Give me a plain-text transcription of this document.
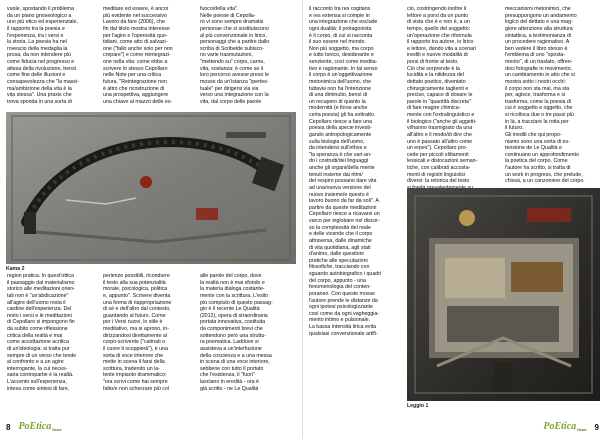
vuole, spostando il problema
da un piano gnoseologico a
uno più etico ed esperienziale,
il rapporto tra la poesia e
l'esperienza, tra i versi e
la storia. La poesia ha nel
rovescio della medaglia la
prosa, da non intendere più
come fiducia nel progresso e
attesa della rivoluzione, bensì
come fine delle illusioni e
consapevolezza che "la massi-
ma/ambizione della vita è la
vita stessa". Una praxis che
trova sponda in una sorta di
meditare ed essere, è ancor
più evidente nel successivo
Lavoro da fare (2006), che
fin dal titolo mostra interesse
per l'agire e l'operosità quo-
tidiani, come atto di salvazi-
one ("fallo anche solo per non
crepare") e come reintegrazi-
one nella vita: come ebbe a
scrivere lo stesso Cepollaro
nelle Note per una critica
futura, "Reintegrazione non
è altro che ricostruzione di
una prospettiva, aggiungere
una chiave al mazzo delle es-
fuoco/della vita".
Nelle poesie di Cepolla-
ro vi sono sempre dramatis
personae che si sostituiscono
al più convenzionale io lirico,
personaggi che a partire dallo
scriba di Scribeide subisco-
no varie trasmutazioni,
"mettendo su" corpo, carne,
vita, sostanza: è come se il
loro percorso avesse preso le
mosse da un'istanza "ipertes-
tuale" per dirigersi via via
verso una integrazione con la
vita, dal corpo delle parole
Kama 2
region pratica. In quest'ottica
il passaggio dal materialismo
storico alle meditazioni orien-
tali non è "un'abdicazione"
all'agire dell'uomo resta il
cardine dell'esperienza. Del
resto i versi e le meditazioni
di Cepollaro si impongono fin
da subito come riflessione
critica della realtà e mai
come accettazione acritica
di un'ideologia: si tratta pur
sempre di un verso che tende
al confronto e a un agire
interrogante, la cui neces-
saria contropartie è la realtà.
L'accento sull'esperienza,
intesa come sintesi di fare,
perienze possibili, ricondurre
il testo alla sua potenzialità
morale, psicologica, politica
e, appunto". Scrivere diventa
una forma di riappropriazione
di sé e dell'altro dal contesto,
guardando al futuro. Come
per i Versi nuovi, lo stile è
meditativo, ma si aprono, in-
dirizzandosi direttamente al
corpo-scrivente ("calmati o
il cuore ti scoppierà"), è una
sorta di voce interiore che
mette in scena il farsi della
scrittura, tradendo un la-
tente impianto drammatico:
"ora scrivi come hai sempre
fatto/e non scherzare più col
alle parole del corpo, dove
la realtà non è mai sfondo e
la materia dialoga costante-
mente con la scrittura. L'esito
più compiuto di questo passag-
gio è il recente Le Qualità
(2012), opera di straordinaria
portata innovativa, costituita
da componimenti brevi che
sottendono però una struttu-
ra poematica. Laddove si
assisteva a un'interfusione
della coscienza e a una messa
in scena di una voce interiore,
sebbene con tutto il portato
che l'esistenza, il "fuori"
lasciano in eredità - ora è
già scritto - ne Le Qualità
8 PoEtica News
il racconto tra res cogitans
e res extensa si compie in
una integrazione che esclude
ogni dualità: il protagonista
è il corpo, di cui si racconta
il suo essere nel mondo.
Non più soggetto, ma corpo
e tutto tonico, desiderante e
senziente, così come medita-
tivo e ragionante. In tal senso
il corpo è un'oggettivazione
metonimica dell'uomo, che
tuttavia non ha l'intenzione
di una diminutio, bensì di
un recupero di quanto la
modernità (e forse anche
certa poesia) gli ha sottratto.
Cepollaro riesce a fare una
poesia della specie investi-
gando antropologicamente
sulla biologia dell'uomo,
da intendersi sull'ethos e
"la speranza è che vari-an-
do i costrutti/dei linguaggi
anche gli organi/della mente
tenuti insieme dai ritmi/
del respiro possano dare vita
ad una/nuova versione del
nuovo insieme/e questo è
lavoro buono da far da soli". A
partire da queste meditazioni
Cepollaro riesce a ricavarsi un
varco per inglobare nel discor-
so la complessità del reale
e delle vicende che il corpo
attraversa, dalle dinamiche
di vita quotidiana, agli stati
d'animo, dalle questioni
pratiche alle speculazioni
filosofiche, tracciando con
sguardo autobiografico i quadri
del corpo, appunto - una
fenomenologia del conten-
poraneo. Con queste mosse
l'autore prende le distanze da
ogni ipotesi psicologizzante
così come da ogni vagheggia-
mento intimo e pulsionale.
La bassa intensità lirica evita
qualsiasi convenzionale artifi-
cio, costringendo inoltre il
lettore a porsi da un punto
di vista che è e non è, a un
tempo, quello del soggetto:
un'operazione che riformula
il rapporto tra autore, io lirico
e lettore, dando vita a scenari
inediti e nuove modalità di
porsi di fronte al testo.
Ciò che sorprende è la
lucidità e la nitidezza del
dettato poetico, diventato
chirurgicamente taglienti e
preciso, capace di dosare le
parole in "quantità discreta"
di fare reagire chimica-
mente con l'extralinguistico e
il biologico ("anche gli aggetti-
vi/hanno trasmigrato da una
all'altro e il modo/di dire che
uno è passato all'altro come
un erpes"). Cepollaro pro-
cede per piccoli slittamenti
lessicali e dislocazioni seman-
tiche, con calibrati accosta-
menti di registri linguistici
diversi: la retorica del testo

meccanismi metonimici, che
presuppongono un andamento
logico del dettato e una mag-
giore attenzione alla struttura
sintattica, a testimonianza di
un procedere ragionativo. A
ben vedere il libro stesso è
l'emblema di uno "sposta-
mento", di un traslato, offren-
doci fotografie in movimento,
un cambiamento in atto che si
mostra sotto i nostri occhi:
il corpo non sta mai, ma sta
per, agisce, trasforma e si
trasforma, come la poesia di
cui è soggetto e oggetto, che
si ricolloca due o tre passi più
in là, a tracciare la rotta per
il futuro.
Gli inediti che qui propo-
niamo sono una sorta di es-
tensione de Le Qualità e
continuano un approfondimento
la poetica del corpo. Come
l'autore ha scritto, si tratta di
un work in progress, che prelude,
chissà, a un canzoniere del corpo.
Leggio 1
PoEtica News 9
